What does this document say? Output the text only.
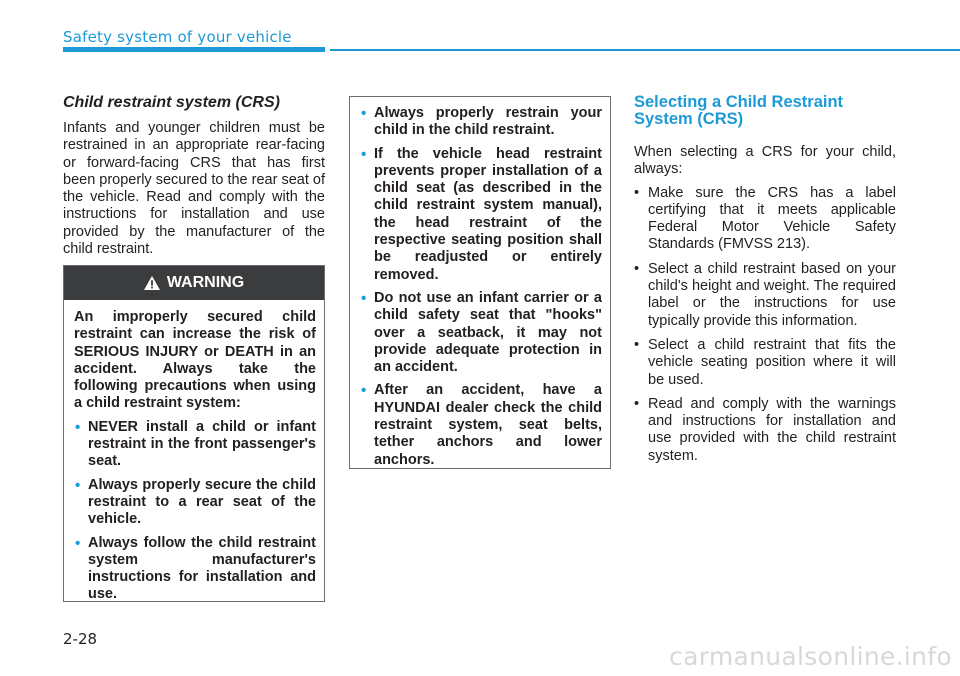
Safety system of your vehicle
Child restraint system (CRS)

Infants and younger children must be restrained in an appropriate rear-facing or forward-facing CRS that has first been properly secured to the rear seat of the vehicle. Read and comply with the instructions for installation and use provided by the manufacturer of the child restraint.

WARNING

An improperly secured child restraint can increase the risk of SERIOUS INJURY or DEATH in an accident. Always take the following precautions when using a child restraint system:

• NEVER install a child or infant restraint in the front passenger's seat.
• Always properly secure the child restraint to a rear seat of the vehicle.
• Always follow the child restraint system manufacturer's instructions for installation and use.
• Always properly restrain your child in the child restraint.
• If the vehicle head restraint prevents proper installation of a child seat (as described in the child restraint system manual), the head restraint of the respective seating position shall be readjusted or entirely removed.
• Do not use an infant carrier or a child safety seat that "hooks" over a seatback, it may not provide adequate protection in an accident.
• After an accident, have a HYUNDAI dealer check the child restraint system, seat belts, tether anchors and lower anchors.
Selecting a Child Restraint System (CRS)

When selecting a CRS for your child, always:

• Make sure the CRS has a label certifying that it meets applicable Federal Motor Vehicle Safety Standards (FMVSS 213).
• Select a child restraint based on your child's height and weight. The required label or the instructions for use typically provide this information.
• Select a child restraint that fits the vehicle seating position where it will be used.
• Read and comply with the warnings and instructions for installation and use provided with the child restraint system.
2-28
carmanualsonline.info
